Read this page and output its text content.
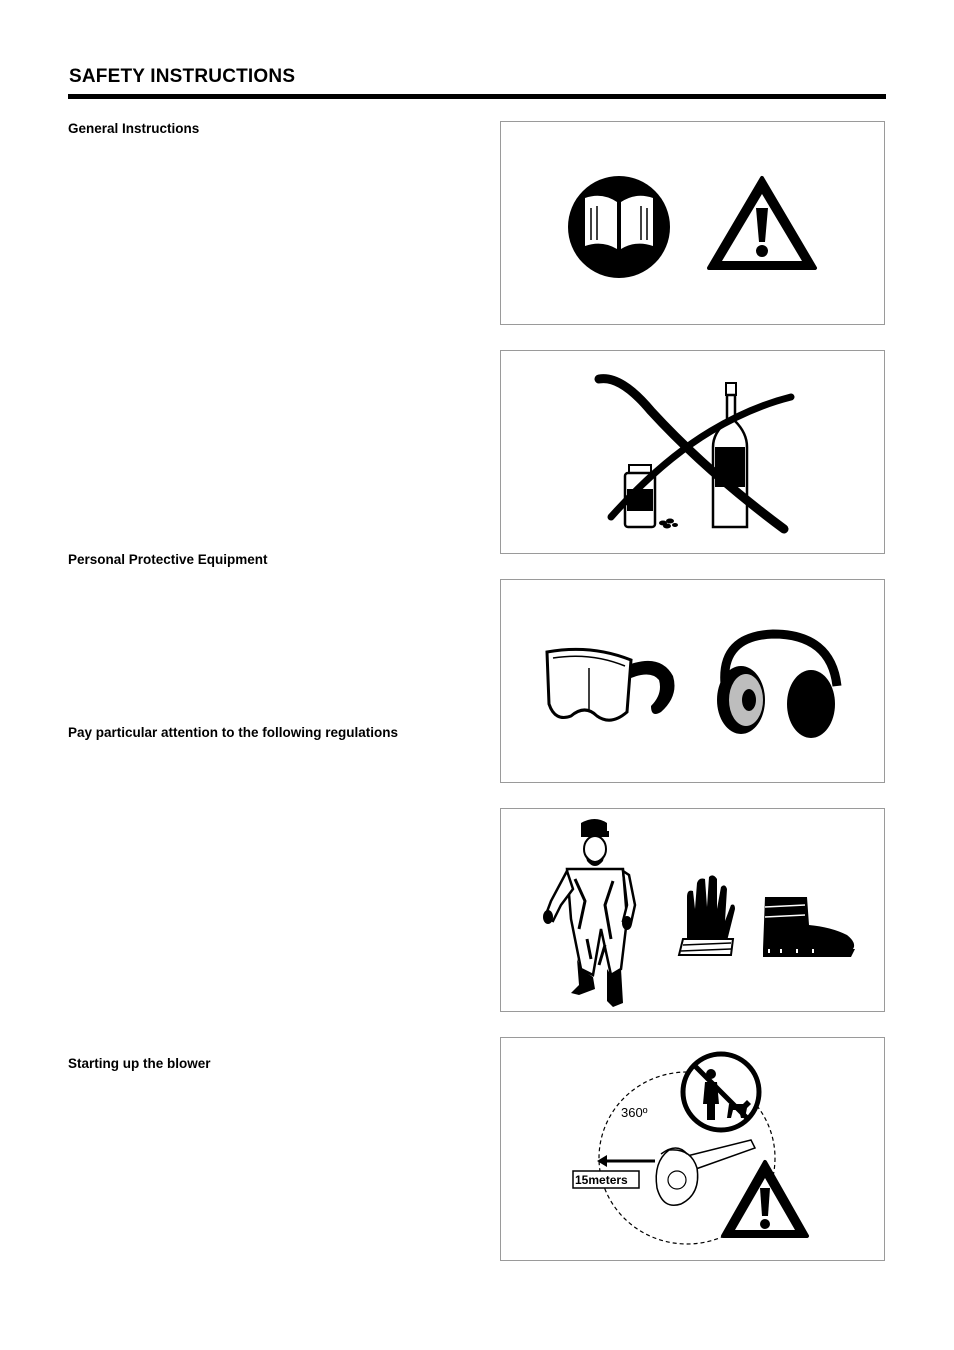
SAFETY INSTRUCTIONS

General Instructions

Personal Protective Equipment

Pay particular attention to the following regulations

Starting up the blower

360º
15meters
